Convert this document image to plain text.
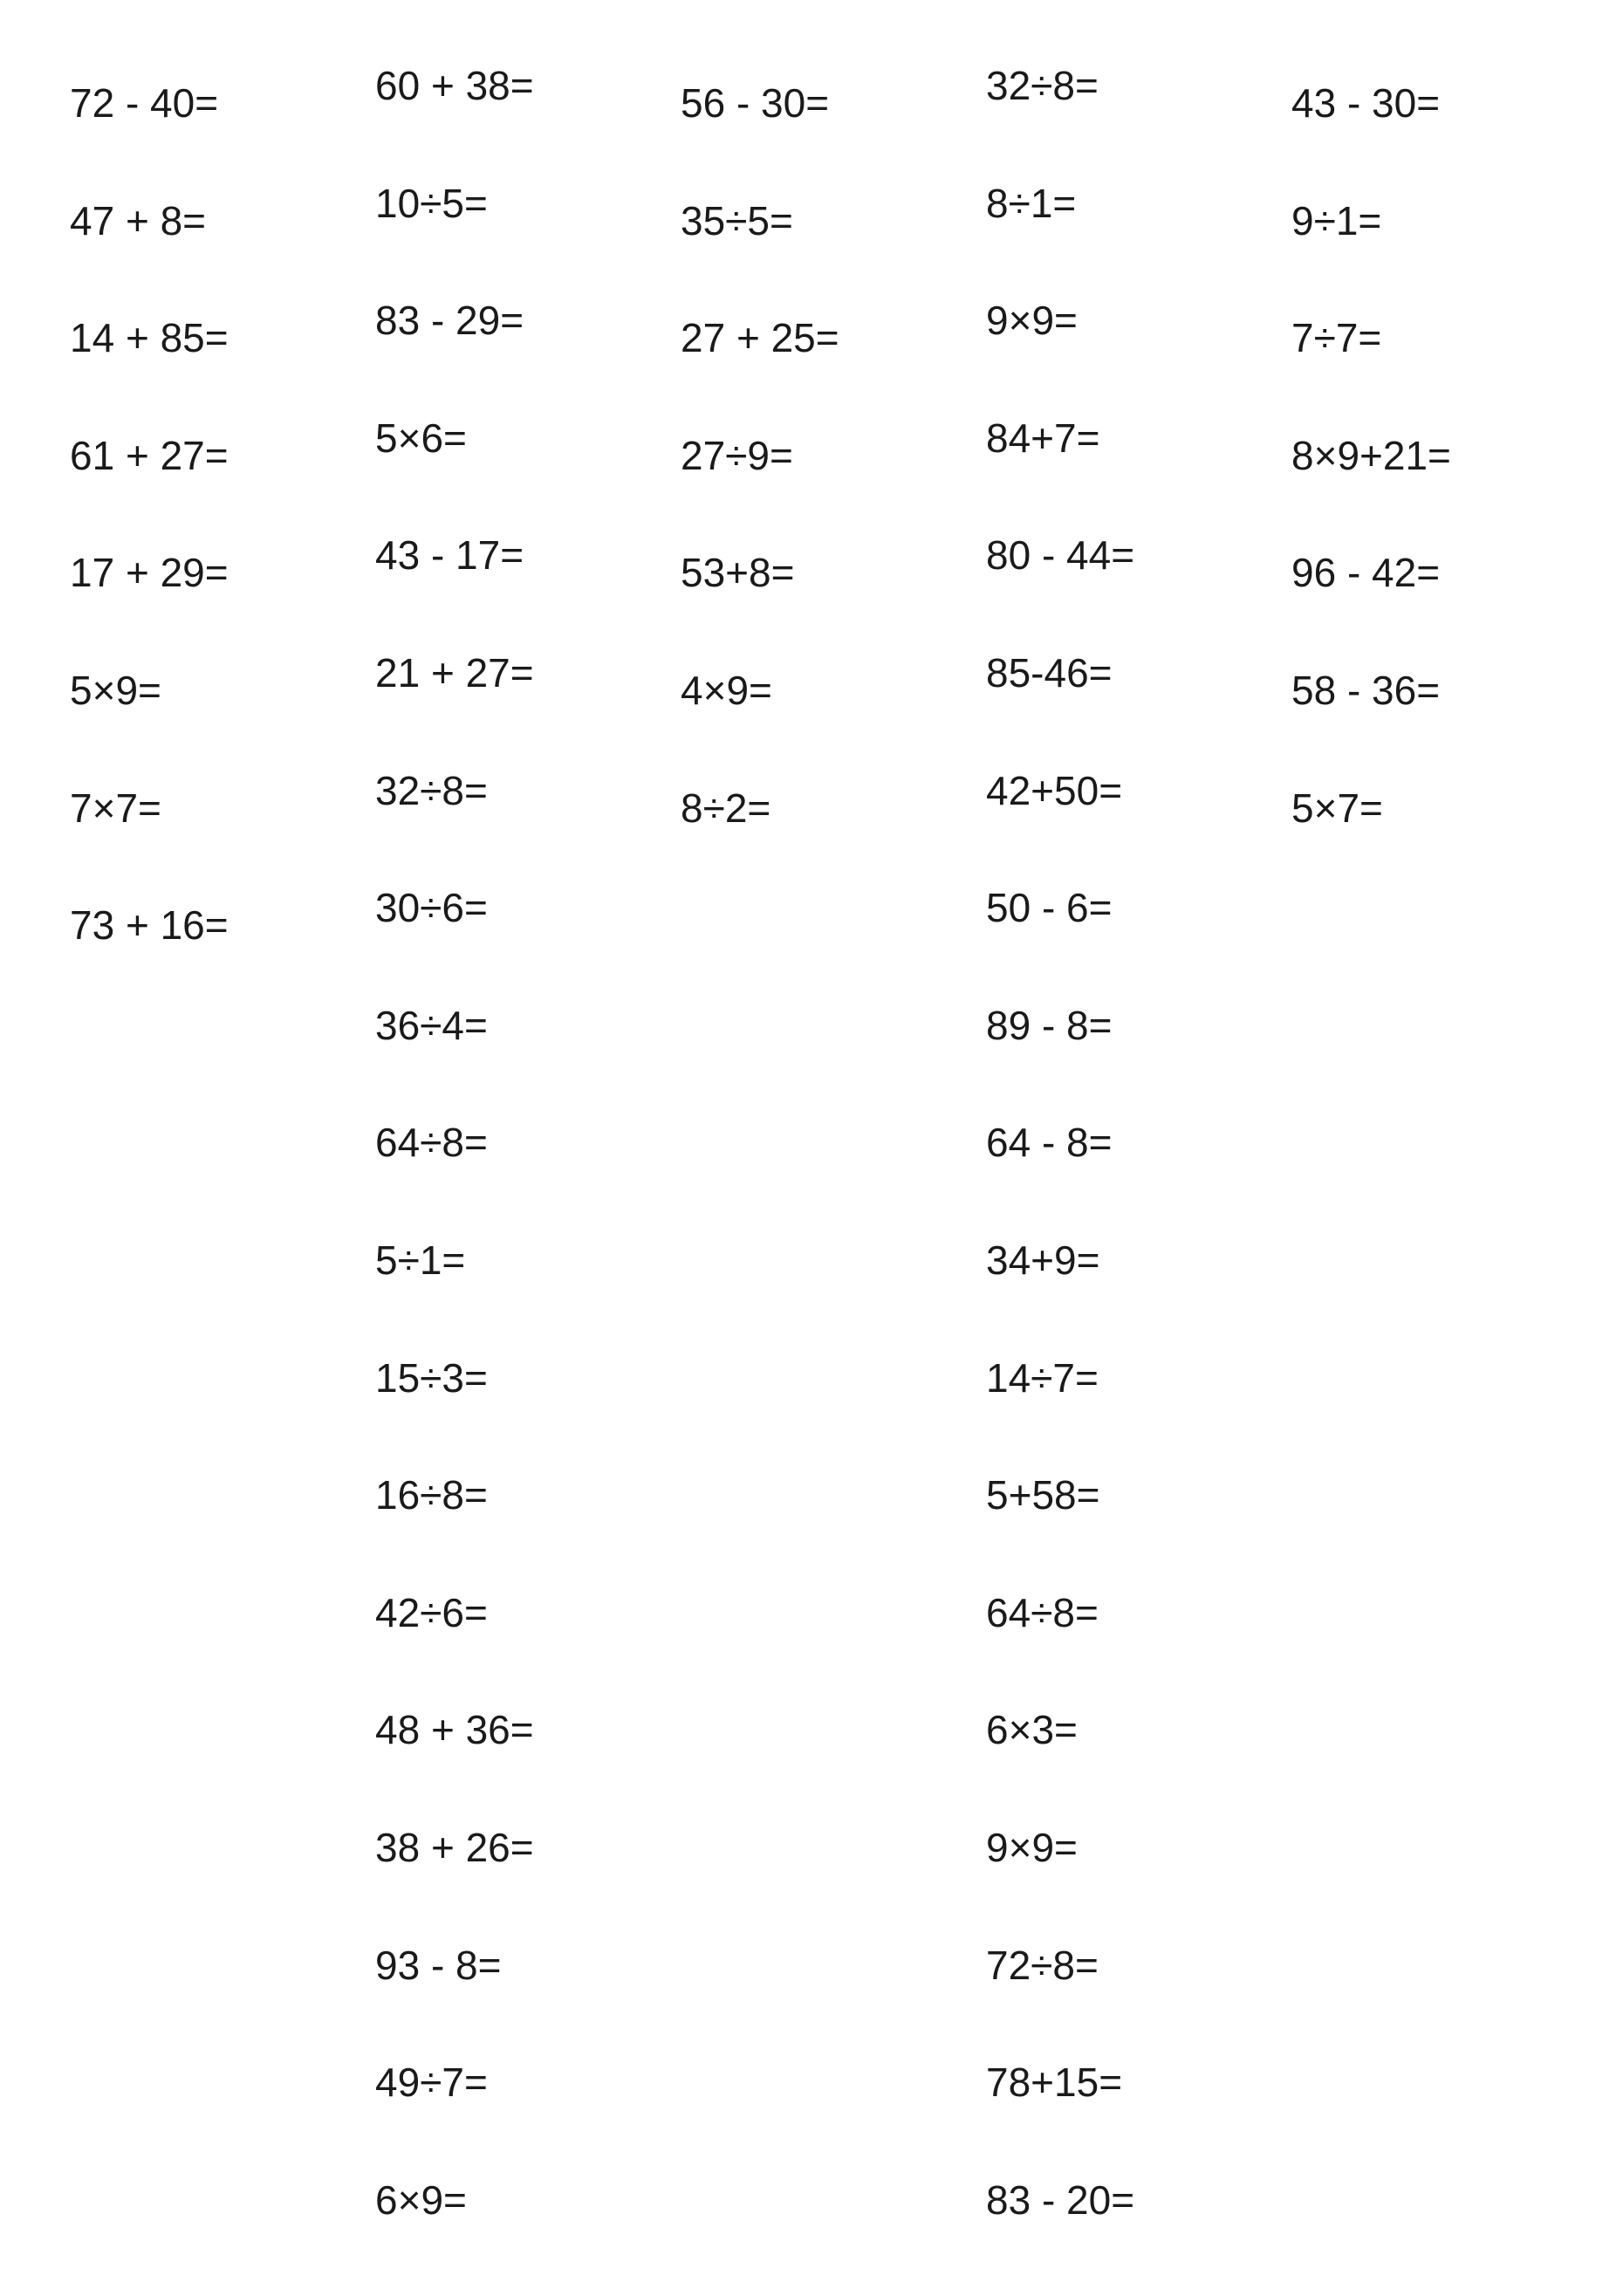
72 - 40=
47 + 8=
14 + 85=
61 + 27=
17 + 29=
5×9=
7×7=
73 + 16=
60 + 38=
10÷5=
83 - 29=
5×6=
43 - 17=
21 + 27=
32÷8=
30÷6=
36÷4=
64÷8=
5÷1=
15÷3=
16÷8=
42÷6=
48 + 36=
38 + 26=
93 - 8=
49÷7=
6×9=
56 - 30=
35÷5=
27 + 25=
27÷9=
53+8=
4×9=
8÷2=
32÷8=
8÷1=
9×9=
84+7=
80 - 44=
85-46=
42+50=
50 - 6=
89 - 8=
64 - 8=
34+9=
14÷7=
5+58=
64÷8=
6×3=
9×9=
72÷8=
78+15=
83 - 20=
43 - 30=
9÷1=
7÷7=
8×9+21=
96 - 42=
58 - 36=
5×7=
